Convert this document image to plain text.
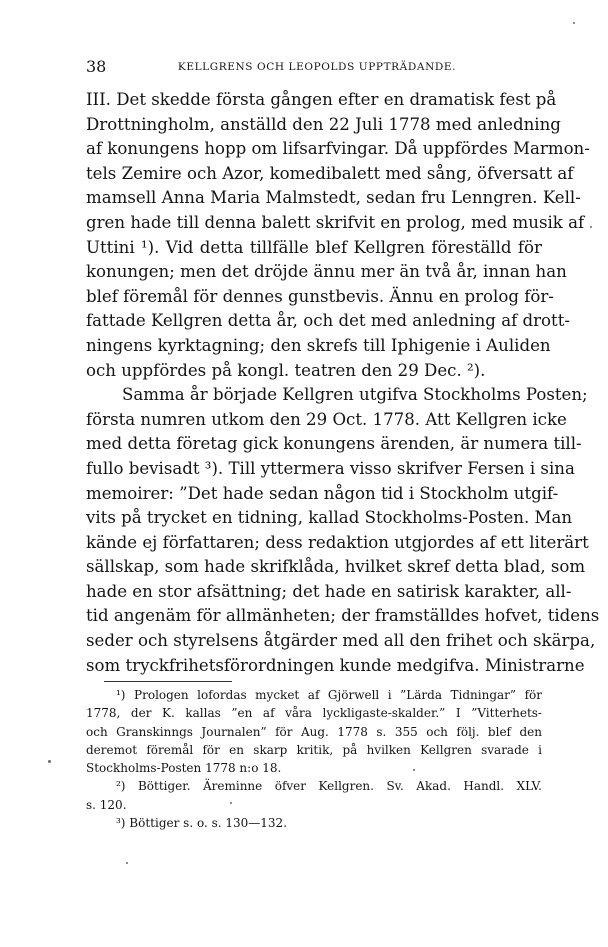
38	KELLGRENS OCH LEOPOLDS UPPTRÄDANDE.
III. Det skedde första gången efter en dramatisk fest på
Drottningholm, anställd den 22 Juli 1778 med anledning
af konungens hopp om lifsarfvingar. Då uppfördes Marmon-
tels Zemire och Azor, komedibalett med sång, öfversatt af
mamsell Anna Maria Malmstedt, sedan fru Lenngren. Kell-
gren hade till denna balett skrifvit en prolog, med musik af
Uttini ¹). Vid detta tillfälle blef Kellgren föreställd för
konungen; men det dröjde ännu mer än två år, innan han
blef föremål för dennes gunstbevis. Ännu en prolog för-
fattade Kellgren detta år, och det med anledning af drott-
ningens kyrktagning; den skrefs till Iphigenie i Auliden
och uppfördes på kongl. teatren den 29 Dec. ²).
Samma år började Kellgren utgifva Stockholms Posten;
första numren utkom den 29 Oct. 1778. Att Kellgren icke
med detta företag gick konungens ärenden, är numera till-
fullo bevisadt ³). Till yttermera visso skrifver Fersen i sina
memoirer: ”Det hade sedan någon tid i Stockholm utgif-
vits på trycket en tidning, kallad Stockholms-Posten. Man
kände ej författaren; dess redaktion utgjordes af ett literärt
sällskap, som hade skrifklåda, hvilket skref detta blad, som
hade en stor afsättning; det hade en satirisk karakter, all-
tid angenäm för allmänheten; der framställdes hofvet, tidens
seder och styrelsens åtgärder med all den frihet och skärpa,
som tryckfrihetsförordningen kunde medgifva. Ministrarne
¹) Prologen lofordas mycket af Gjörwell i ”Lärda Tidningar” för
1778, der K. kallas ”en af våra lyckligaste-skalder.” I ”Vitterhets-
och Granskinngs Journalen” för Aug. 1778 s. 355 och följ. blef den
deremot föremål för en skarp kritik, på hvilken Kellgren svarade i
Stockholms-Posten 1778 n:o 18.
²) Böttiger. Äreminne öfver Kellgren. Sv. Akad. Handl. XLV.
s. 120.
³) Böttiger s. o. s. 130—132.
